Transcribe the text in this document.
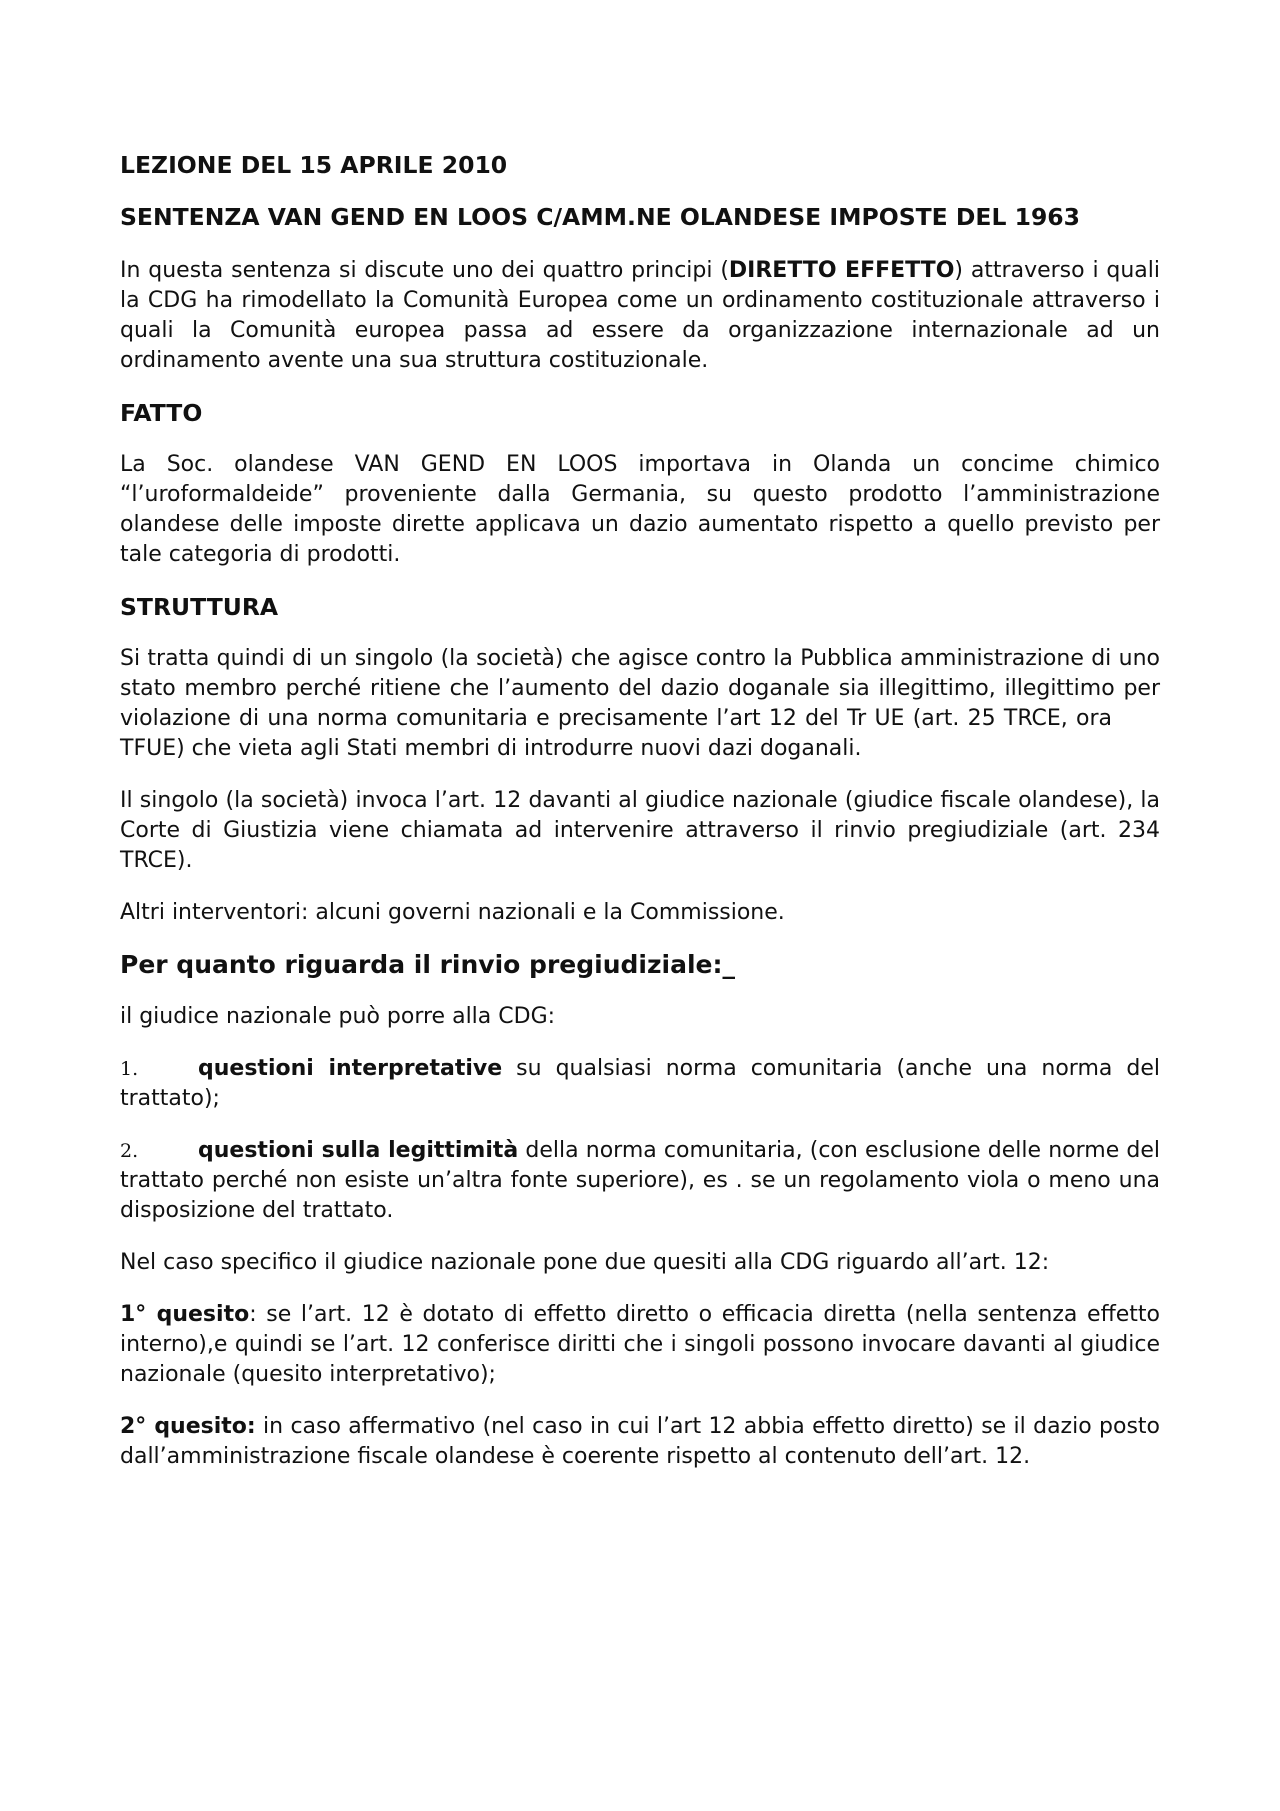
LEZIONE DEL 15 APRILE 2010

SENTENZA VAN GEND EN LOOS C/AMM.NE OLANDESE IMPOSTE DEL 1963

In questa sentenza si discute uno dei quattro principi (DIRETTO EFFETTO) attraverso i quali la CDG ha rimodellato la Comunità Europea come un ordinamento costituzionale attraverso i quali la Comunità europea passa ad essere da organizzazione internazionale ad un ordinamento avente una sua struttura costituzionale.

FATTO

La Soc. olandese VAN GEND EN LOOS importava in Olanda un concime chimico “l’uroformaldeide” proveniente dalla Germania, su questo prodotto l’amministrazione olandese delle imposte dirette applicava un dazio aumentato rispetto a quello previsto per tale categoria di prodotti.

STRUTTURA

Si tratta quindi di un singolo (la società) che agisce contro la Pubblica amministrazione di uno stato membro perché ritiene che l’aumento del dazio doganale sia illegittimo, illegittimo per violazione di una norma comunitaria e precisamente l’art 12 del Tr UE (art. 25 TRCE, oraTFUE) che vieta agli Stati membri di introdurre nuovi dazi doganali.

Il singolo (la società) invoca l’art. 12 davanti al giudice nazionale (giudice fiscale olandese), la Corte di Giustizia viene chiamata ad intervenire attraverso il rinvio pregiudiziale (art. 234 TRCE).

Altri interventori: alcuni governi nazionali e la Commissione.

Per quanto riguarda il rinvio pregiudiziale:_

il giudice nazionale può porre alla CDG:

1.	questioni interpretative su qualsiasi norma comunitaria (anche una norma del trattato);

2.	questioni sulla legittimità della norma comunitaria, (con esclusione delle norme del trattato perché non esiste un’altra fonte superiore), es . se un regolamento viola o meno una disposizione del trattato.

Nel caso specifico il giudice nazionale pone due quesiti alla CDG riguardo all’art. 12:

1° quesito: se l’art. 12 è dotato di effetto diretto o efficacia diretta (nella sentenza effetto interno),e quindi se l’art. 12 conferisce diritti che i singoli possono invocare davanti al giudice nazionale (quesito interpretativo);

2° quesito: in caso affermativo (nel caso in cui l’art 12 abbia effetto diretto) se il dazio posto dall’amministrazione fiscale olandese è coerente rispetto al contenuto dell’art. 12.
